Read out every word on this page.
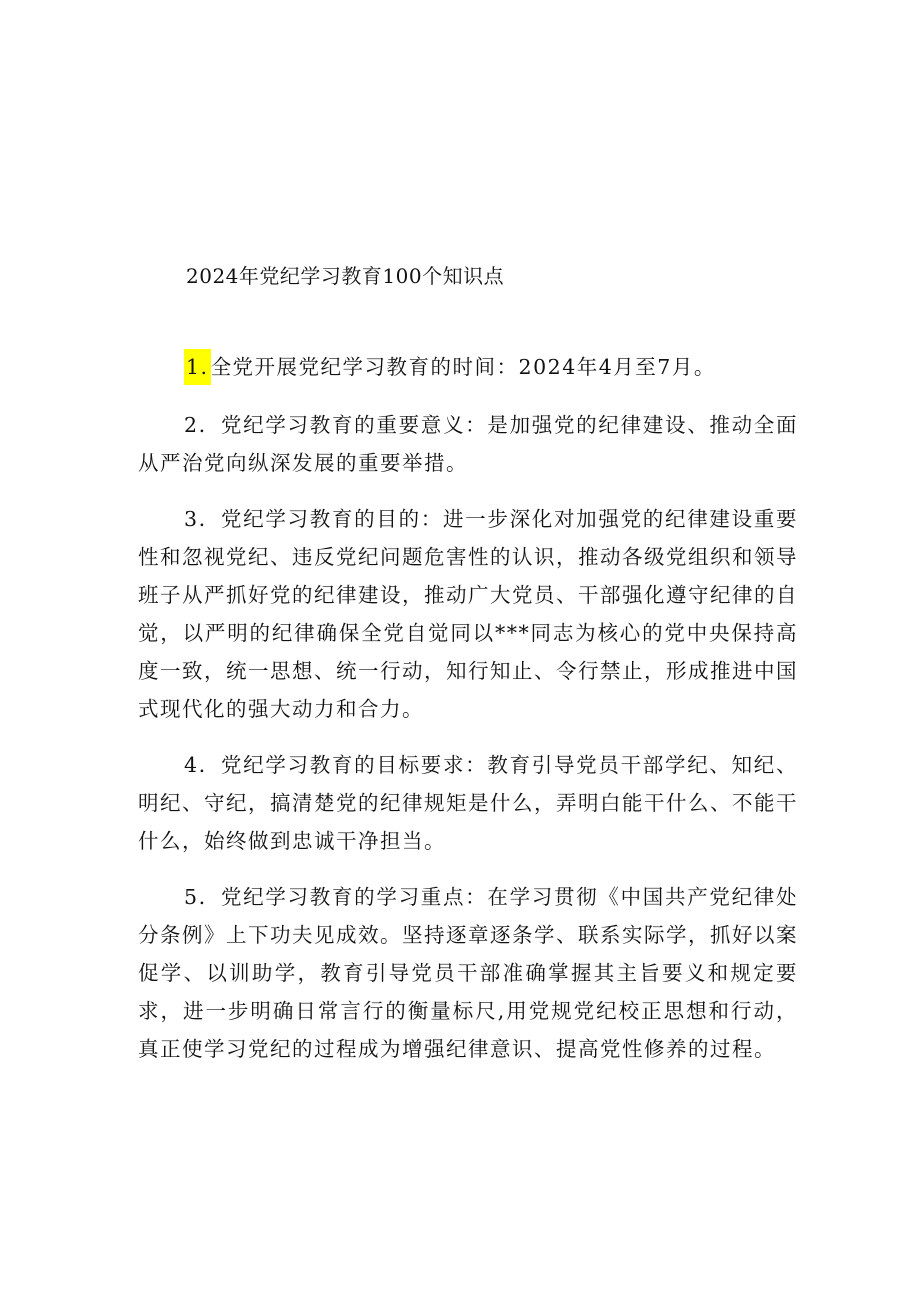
2024年党纪学习教育100个知识点

1.全党开展党纪学习教育的时间：2024年4月至7月。

2．党纪学习教育的重要意义：是加强党的纪律建设、推动全面从严治党向纵深发展的重要举措。

3．党纪学习教育的目的：进一步深化对加强党的纪律建设重要性和忽视党纪、违反党纪问题危害性的认识，推动各级党组织和领导班子从严抓好党的纪律建设，推动广大党员、干部强化遵守纪律的自觉，以严明的纪律确保全党自觉同以***同志为核心的党中央保持高度一致，统一思想、统一行动，知行知止、令行禁止，形成推进中国式现代化的强大动力和合力。

4．党纪学习教育的目标要求：教育引导党员干部学纪、知纪、明纪、守纪，搞清楚党的纪律规矩是什么，弄明白能干什么、不能干什么，始终做到忠诚干净担当。

5．党纪学习教育的学习重点：在学习贯彻《中国共产党纪律处分条例》上下功夫见成效。坚持逐章逐条学、联系实际学，抓好以案促学、以训助学，教育引导党员干部准确掌握其主旨要义和规定要求，进一步明确日常言行的衡量标尺,用党规党纪校正思想和行动，真正使学习党纪的过程成为增强纪律意识、提高党性修养的过程。
